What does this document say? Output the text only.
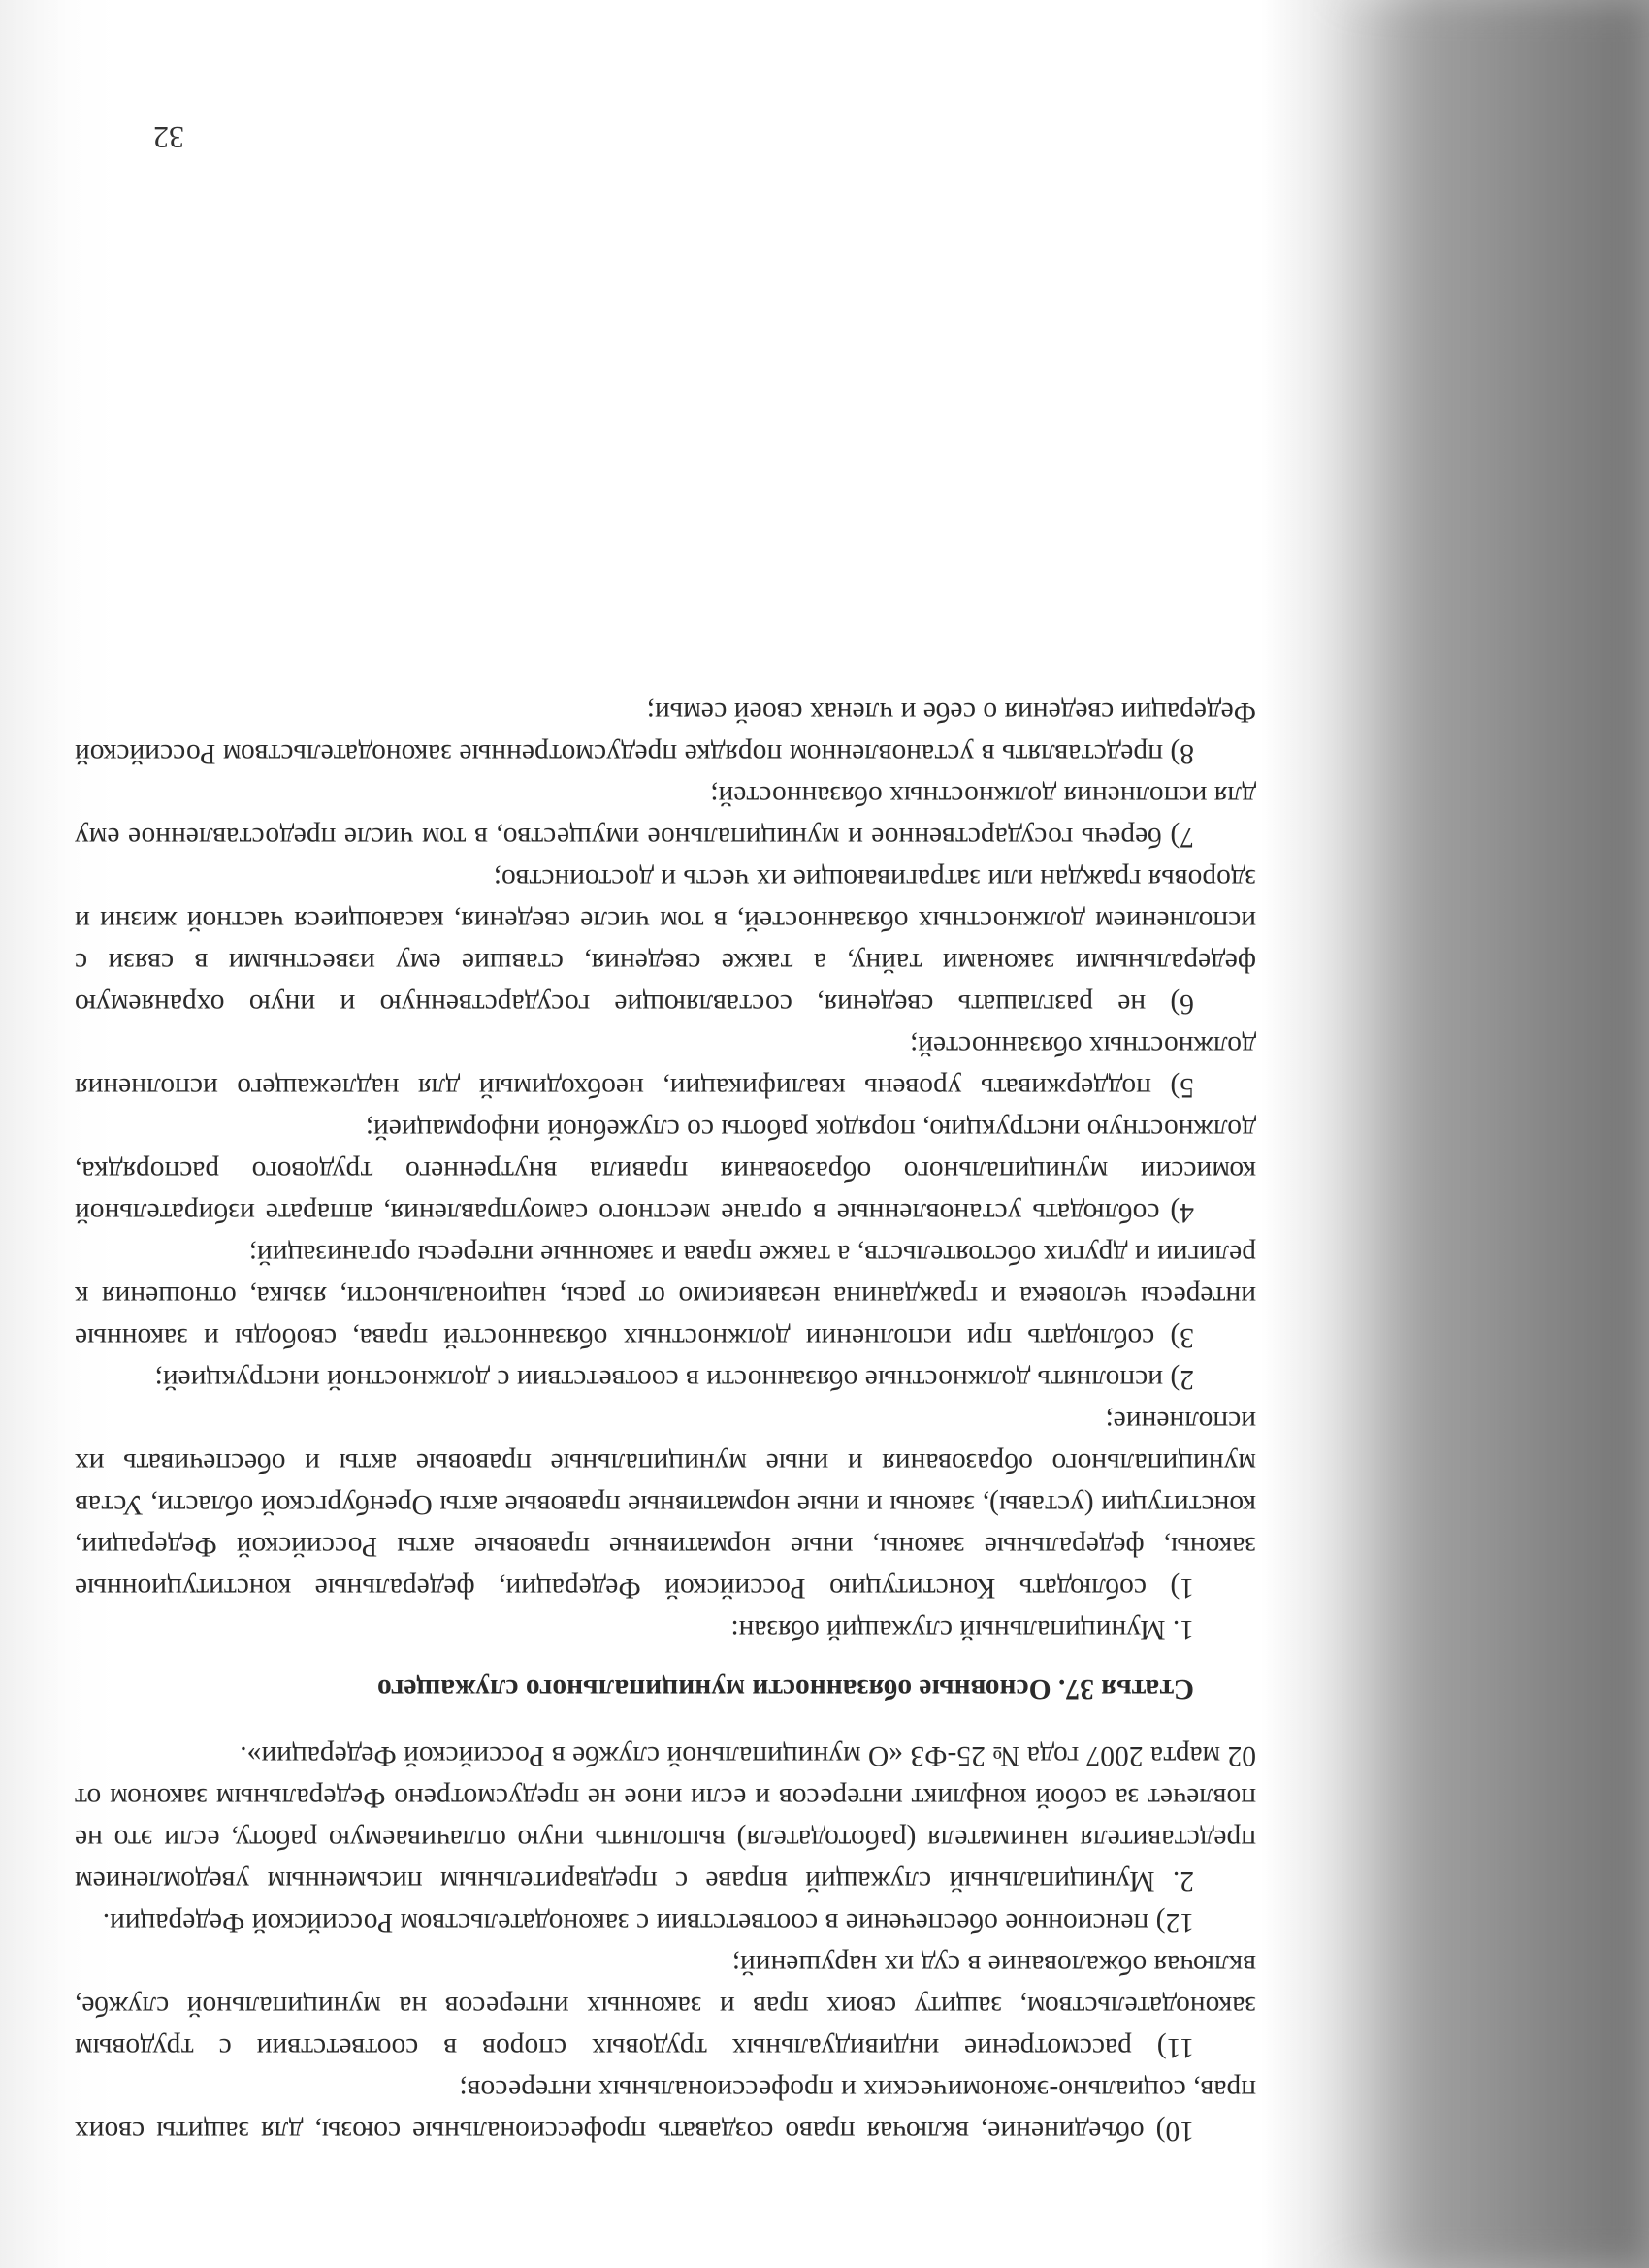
10) объединение, включая право создавать профессиональные союзы, для защиты своих прав, социально-экономических и профессиональных интересов;

11) рассмотрение индивидуальных трудовых споров в соответствии с трудовым законодательством, защиту своих прав и законных интересов на муниципальной службе, включая обжалование в суд их нарушений;

12) пенсионное обеспечение в соответствии с законодательством Российской Федерации.

2. Муниципальный служащий вправе с предварительным письменным уведомлением представителя нанимателя (работодателя) выполнять иную оплачиваемую работу, если это не повлечет за собой конфликт интересов и если иное не предусмотрено Федеральным законом от 02 марта 2007 года № 25-ФЗ «О муниципальной службе в Российской Федерации».

Статья 37. Основные обязанности муниципального служащего

1. Муниципальный служащий обязан:

1) соблюдать Конституцию Российской Федерации, федеральные конституционные законы, федеральные законы, иные нормативные правовые акты Российской Федерации, конституции (уставы), законы и иные нормативные правовые акты Оренбургской области, Устав муниципального образования и иные муниципальные правовые акты и обеспечивать их исполнение;

2) исполнять должностные обязанности в соответствии с должностной инструкцией;

3) соблюдать при исполнении должностных обязанностей права, свободы и законные интересы человека и гражданина независимо от расы, национальности, языка, отношения к религии и других обстоятельств, а также права и законные интересы организаций;

4) соблюдать установленные в органе местного самоуправления, аппарате избирательной комиссии муниципального образования правила внутреннего трудового распорядка, должностную инструкцию, порядок работы со служебной информацией;

5) поддерживать уровень квалификации, необходимый для надлежащего исполнения должностных обязанностей;

6) не разглашать сведения, составляющие государственную и иную охраняемую федеральными законами тайну, а также сведения, ставшие ему известными в связи с исполнением должностных обязанностей, в том числе сведения, касающиеся частной жизни и здоровья граждан или затрагивающие их честь и достоинство;

7) беречь государственное и муниципальное имущество, в том числе предоставленное ему для исполнения должностных обязанностей;

8) представлять в установленном порядке предусмотренные законодательством Российской Федерации сведения о себе и членах своей семьи;

32
